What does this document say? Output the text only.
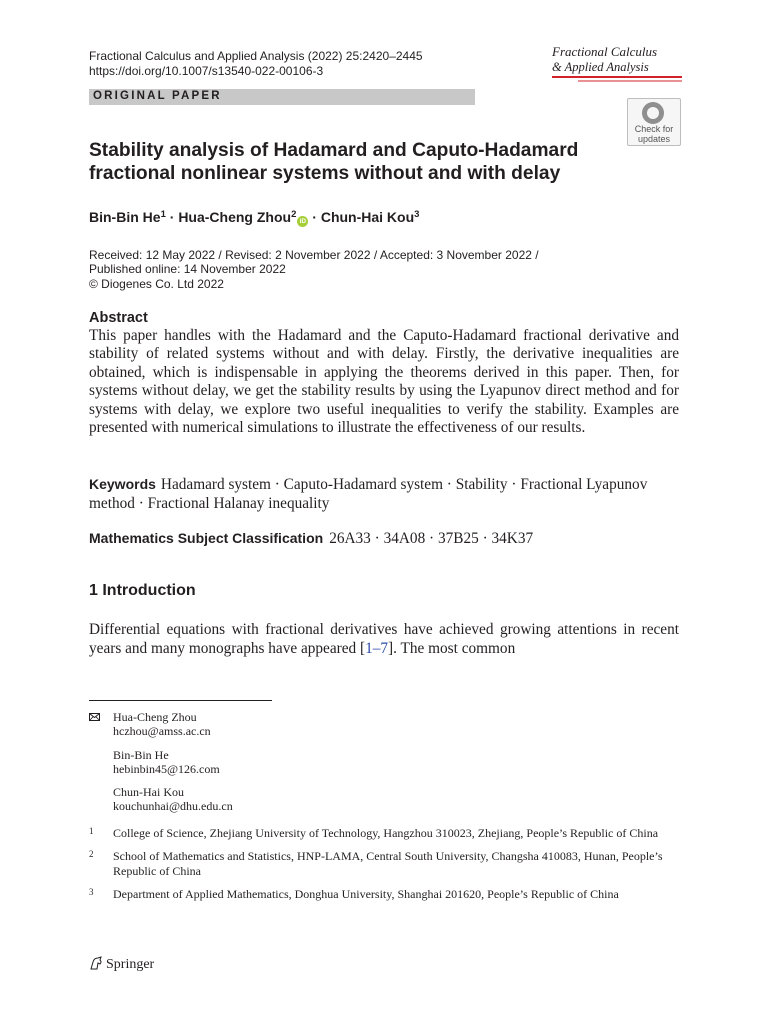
Fractional Calculus and Applied Analysis (2022) 25:2420–2445
https://doi.org/10.1007/s13540-022-00106-3
ORIGINAL PAPER
Fractional Calculus
& Applied Analysis
Check for
updates
Stability analysis of Hadamard and Caputo-Hadamard fractional nonlinear systems without and with delay
Bin-Bin $He^1$ · Hua-Cheng Zhou$^2$iD · Chun-Hai Kou$^3$
Received: 12 May 2022 / Revised: 2 November 2022 / Accepted: 3 November 2022 /
Published online: 14 November 2022
© Diogenes Co. Ltd 2022
Abstract
This paper handles with the Hadamard and the Caputo-Hadamard fractional derivative and stability of related systems without and with delay. Firstly, the derivative inequalities are obtained, which is indispensable in applying the theorems derived in this paper. Then, for systems without delay, we get the stability results by using the Lyapunov direct method and for systems with delay, we explore two useful inequalities to verify the stability. Examples are presented with numerical simulations to illustrate the effectiveness of our results.
Keywords Hadamard system · Caputo-Hadamard system · Stability · Fractional Lyapunov method · Fractional Halanay inequality
Mathematics Subject Classification 26A33 · 34A08 · 37B25 · 34K37
1 Introduction
Differential equations with fractional derivatives have achieved growing attentions in recent years and many monographs have appeared [1–7]. The most common
Hua-Cheng Zhou
hczhou@amss.ac.cn
Bin-Bin He
hebinbin45@126.com
Chun-Hai Kou
kouchunhai@dhu.edu.cn
1 College of Science, Zhejiang University of Technology, Hangzhou 310023, Zhejiang, People’s Republic of China
2 School of Mathematics and Statistics, HNP-LAMA, Central South University, Changsha 410083, Hunan, People’s Republic of China
3 Department of Applied Mathematics, Donghua University, Shanghai 201620, People’s Republic of China
Springer
